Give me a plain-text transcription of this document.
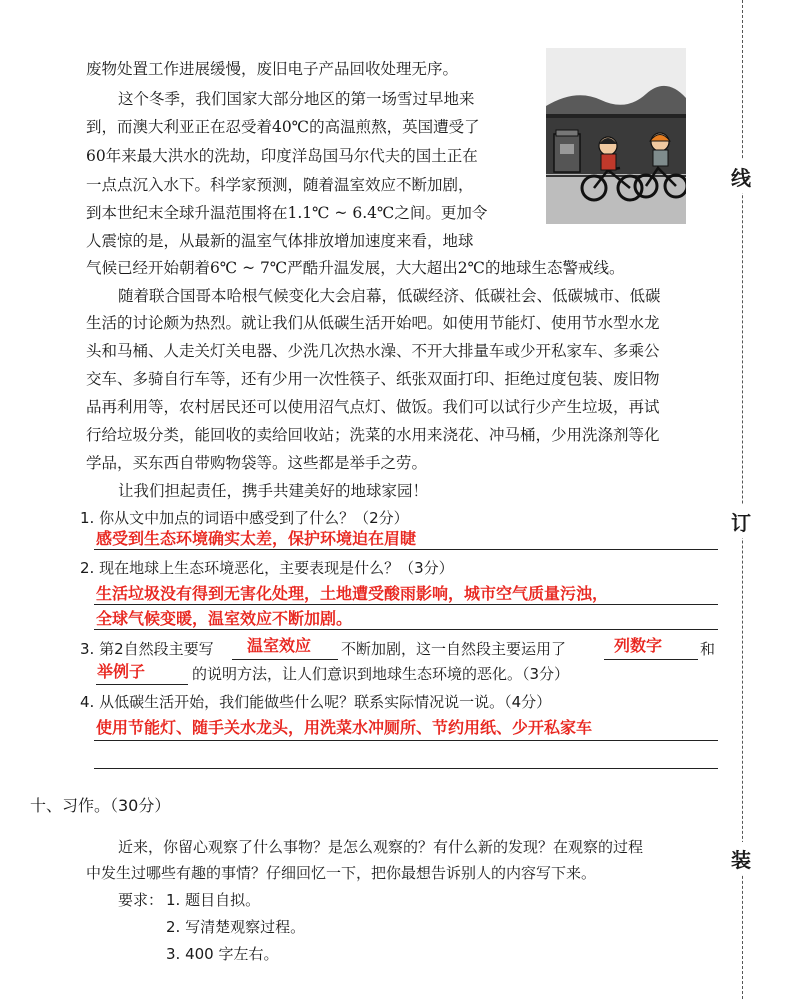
废物处置工作进展缓慢，废旧电子产品回收处理无序。
这个冬季，我们国家大部分地区的第一场雪过早地来
到，而澳大利亚正在忍受着40℃的高温煎熬，英国遭受了
60年来最大洪水的洗劫，印度洋岛国马尔代夫的国土正在
一点点沉入水下。科学家预测，随着温室效应不断加剧，
到本世纪末全球升温范围将在1.1℃ ~ 6.4℃之间。更加令
人震惊的是，从最新的温室气体排放增加速度来看，地球
气候已经开始朝着6℃ ~ 7℃严酷升温发展，大大超出2℃的地球生态警戒线。
随着联合国哥本哈根气候变化大会启幕，低碳经济、低碳社会、低碳城市、低碳
生活的讨论颇为热烈。就让我们从低碳生活开始吧。如使用节能灯、使用节水型水龙
头和马桶、人走关灯关电器、少洗几次热水澡、不开大排量车或少开私家车、多乘公
交车、多骑自行车等，还有少用一次性筷子、纸张双面打印、拒绝过度包装、废旧物
品再利用等，农村居民还可以使用沼气点灯、做饭。我们可以试行少产生垃圾，再试
行给垃圾分类，能回收的卖给回收站；洗菜的水用来浇花、冲马桶，少用洗涤剂等化
学品，买东西自带购物袋等。这些都是举手之劳。
让我们担起责任，携手共建美好的地球家园！
1. 你从文中加点的词语中感受到了什么？（2分）
感受到生态环境确实太差，保护环境迫在眉睫
2. 现在地球上生态环境恶化，主要表现是什么？（3分）
生活垃圾没有得到无害化处理，土地遭受酸雨影响，城市空气质量污浊，
全球气候变暖，温室效应不断加剧。
3. 第2自然段主要写 温室效应 不断加剧，这一自然段主要运用了	列数字	和
举例子	的说明方法，让人们意识到地球生态环境的恶化。（3分）
4. 从低碳生活开始，我们能做些什么呢？联系实际情况说一说。（4分）
使用节能灯、随手关水龙头，用洗菜水冲厕所、节约用纸、少开私家车
十、习作。（30分）
近来，你留心观察了什么事物？是怎么观察的？有什么新的发现？在观察的过程
中发生过哪些有趣的事情？仔细回忆一下，把你最想告诉别人的内容写下来。
要求： 1. 题目自拟。
2. 写清楚观察过程。
3. 400 字左右。
线
订
装
